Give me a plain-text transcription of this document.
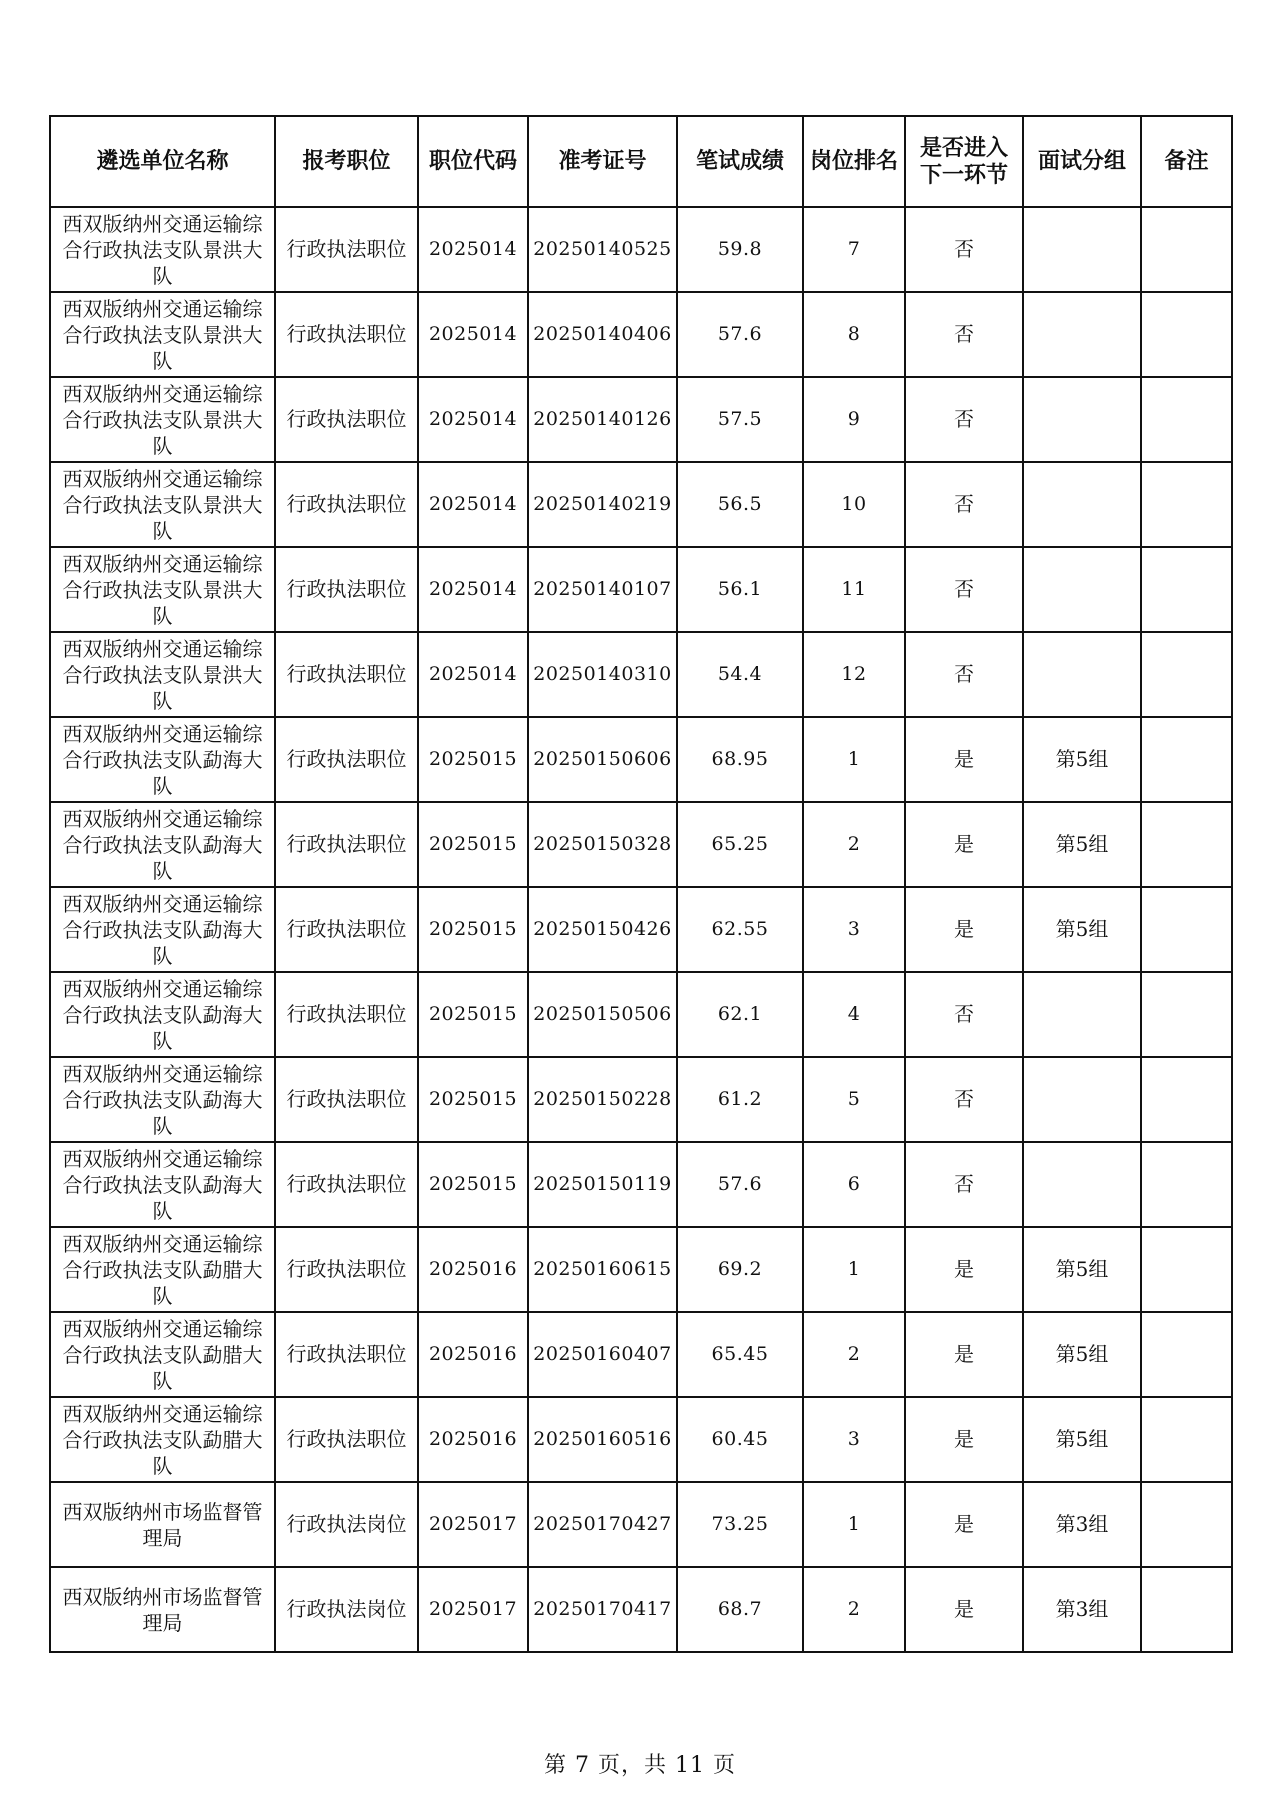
遴选单位名称	报考职位	职位代码	准考证号	笔试成绩	岗位排名	是否进入下一环节	面试分组	备注
西双版纳州交通运输综合行政执法支队景洪大队	行政执法职位	2025014	20250140525	59.8	7	否		
西双版纳州交通运输综合行政执法支队景洪大队	行政执法职位	2025014	20250140406	57.6	8	否		
西双版纳州交通运输综合行政执法支队景洪大队	行政执法职位	2025014	20250140126	57.5	9	否		
西双版纳州交通运输综合行政执法支队景洪大队	行政执法职位	2025014	20250140219	56.5	10	否		
西双版纳州交通运输综合行政执法支队景洪大队	行政执法职位	2025014	20250140107	56.1	11	否		
西双版纳州交通运输综合行政执法支队景洪大队	行政执法职位	2025014	20250140310	54.4	12	否		
西双版纳州交通运输综合行政执法支队勐海大队	行政执法职位	2025015	20250150606	68.95	1	是	第5组	
西双版纳州交通运输综合行政执法支队勐海大队	行政执法职位	2025015	20250150328	65.25	2	是	第5组	
西双版纳州交通运输综合行政执法支队勐海大队	行政执法职位	2025015	20250150426	62.55	3	是	第5组	
西双版纳州交通运输综合行政执法支队勐海大队	行政执法职位	2025015	20250150506	62.1	4	否		
西双版纳州交通运输综合行政执法支队勐海大队	行政执法职位	2025015	20250150228	61.2	5	否		
西双版纳州交通运输综合行政执法支队勐海大队	行政执法职位	2025015	20250150119	57.6	6	否		
西双版纳州交通运输综合行政执法支队勐腊大队	行政执法职位	2025016	20250160615	69.2	1	是	第5组	
西双版纳州交通运输综合行政执法支队勐腊大队	行政执法职位	2025016	20250160407	65.45	2	是	第5组	
西双版纳州交通运输综合行政执法支队勐腊大队	行政执法职位	2025016	20250160516	60.45	3	是	第5组	
西双版纳州市场监督管理局	行政执法岗位	2025017	20250170427	73.25	1	是	第3组	
西双版纳州市场监督管理局	行政执法岗位	2025017	20250170417	68.7	2	是	第3组	
第 7 页，共 11 页
